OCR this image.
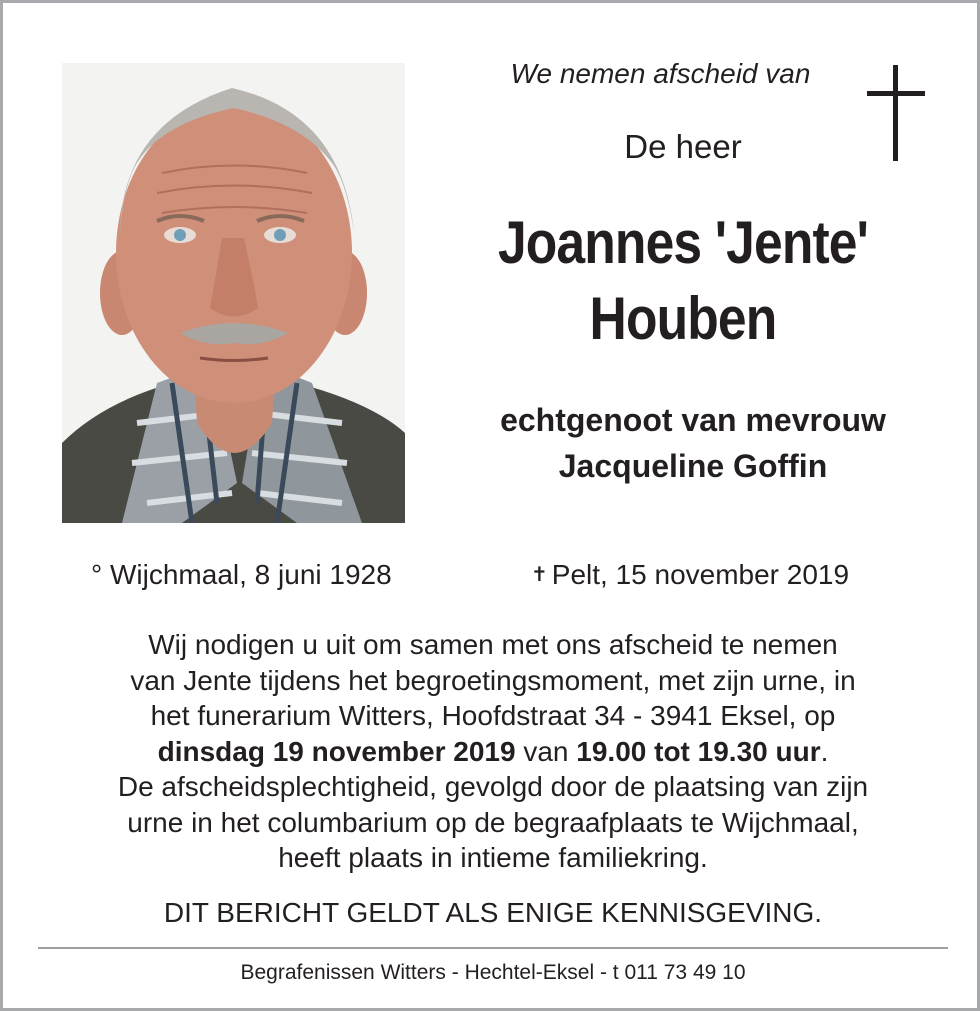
We nemen afscheid van
De heer
Joannes 'Jente'
Houben
echtgenoot van mevrouw
Jacqueline Goffin
° Wijchmaal, 8 juni 1928	✝ Pelt, 15 november 2019
Wij nodigen u uit om samen met ons afscheid te nemen
van Jente tijdens het begroetingsmoment, met zijn urne, in
het funerarium Witters, Hoofdstraat 34 - 3941 Eksel, op
dinsdag 19 november 2019 van 19.00 tot 19.30 uur.
De afscheidsplechtigheid, gevolgd door de plaatsing van zijn
urne in het columbarium op de begraafplaats te Wijchmaal,
heeft plaats in intieme familiekring.
DIT BERICHT GELDT ALS ENIGE KENNISGEVING.
Begrafenissen Witters - Hechtel-Eksel - t 011 73 49 10
